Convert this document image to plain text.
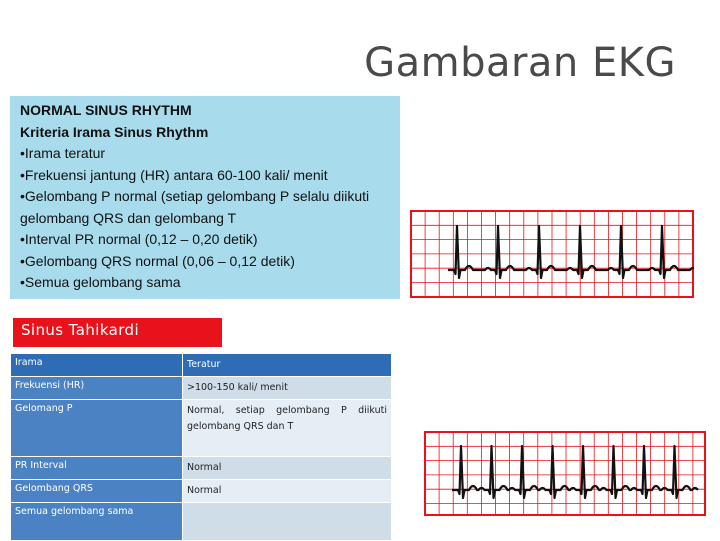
Gambaran EKG
NORMAL SINUS RHYTHM
Kriteria Irama Sinus Rhythm
•Irama teratur
•Frekuensi jantung (HR) antara 60-100 kali/ menit
•Gelombang P normal (setiap gelombang P selalu diikuti
gelombang QRS dan gelombang T
•Interval PR normal (0,12 – 0,20 detik)
•Gelombang QRS normal (0,06 – 0,12 detik)
•Semua gelombang sama
Sinus Tahikardi
Irama	Teratur
Frekuensi (HR)	>100-150 kali/ menit
Gelomang P	Normal, setiap gelombang P diikuti gelombang QRS dan T
PR Interval	Normal
Gelombang QRS	Normal
Semua gelombang sama	
